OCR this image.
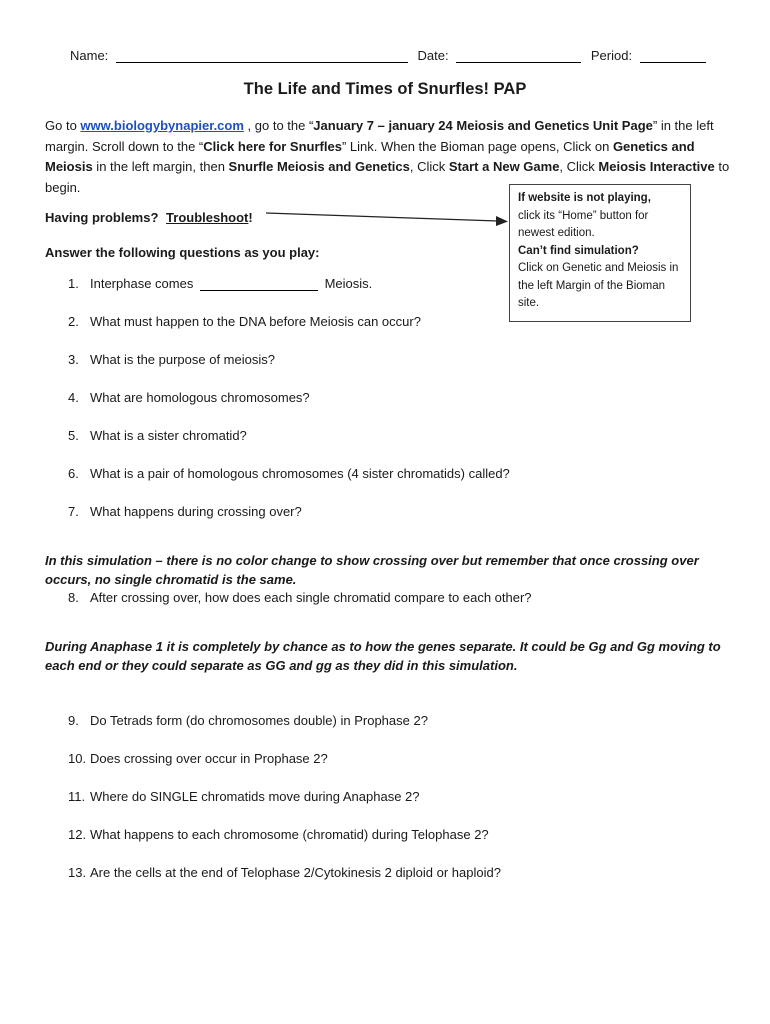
Name:	Date:	Period:
The Life and Times of Snurfles! PAP
Go to www.biologybynapier.com , go to the “January 7 – january 24 Meiosis and Genetics Unit Page” in the left margin. Scroll down to the “Click here for Snurfles” Link. When the Bioman page opens, Click on Genetics and Meiosis in the left margin, then Snurfle Meiosis and Genetics, Click Start a New Game, Click Meiosis Interactive to begin.
Having problems? Troubleshoot!
If website is not playing,
click its “Home” button for newest edition.
Can’t find simulation?
Click on Genetic and Meiosis in the left Margin of the Bioman site.
Answer the following questions as you play:
1. Interphase comes	Meiosis.
2. What must happen to the DNA before Meiosis can occur?
3. What is the purpose of meiosis?
4. What are homologous chromosomes?
5. What is a sister chromatid?
6. What is a pair of homologous chromosomes (4 sister chromatids) called?
7. What happens during crossing over?
In this simulation – there is no color change to show crossing over but remember that once crossing over occurs, no single chromatid is the same.
8. After crossing over, how does each single chromatid compare to each other?
During Anaphase 1 it is completely by chance as to how the genes separate. It could be Gg and Gg moving to each end or they could separate as GG and gg as they did in this simulation.
9. Do Tetrads form (do chromosomes double) in Prophase 2?
10. Does crossing over occur in Prophase 2?
11. Where do SINGLE chromatids move during Anaphase 2?
12. What happens to each chromosome (chromatid) during Telophase 2?
13. Are the cells at the end of Telophase 2/Cytokinesis 2 diploid or haploid?
